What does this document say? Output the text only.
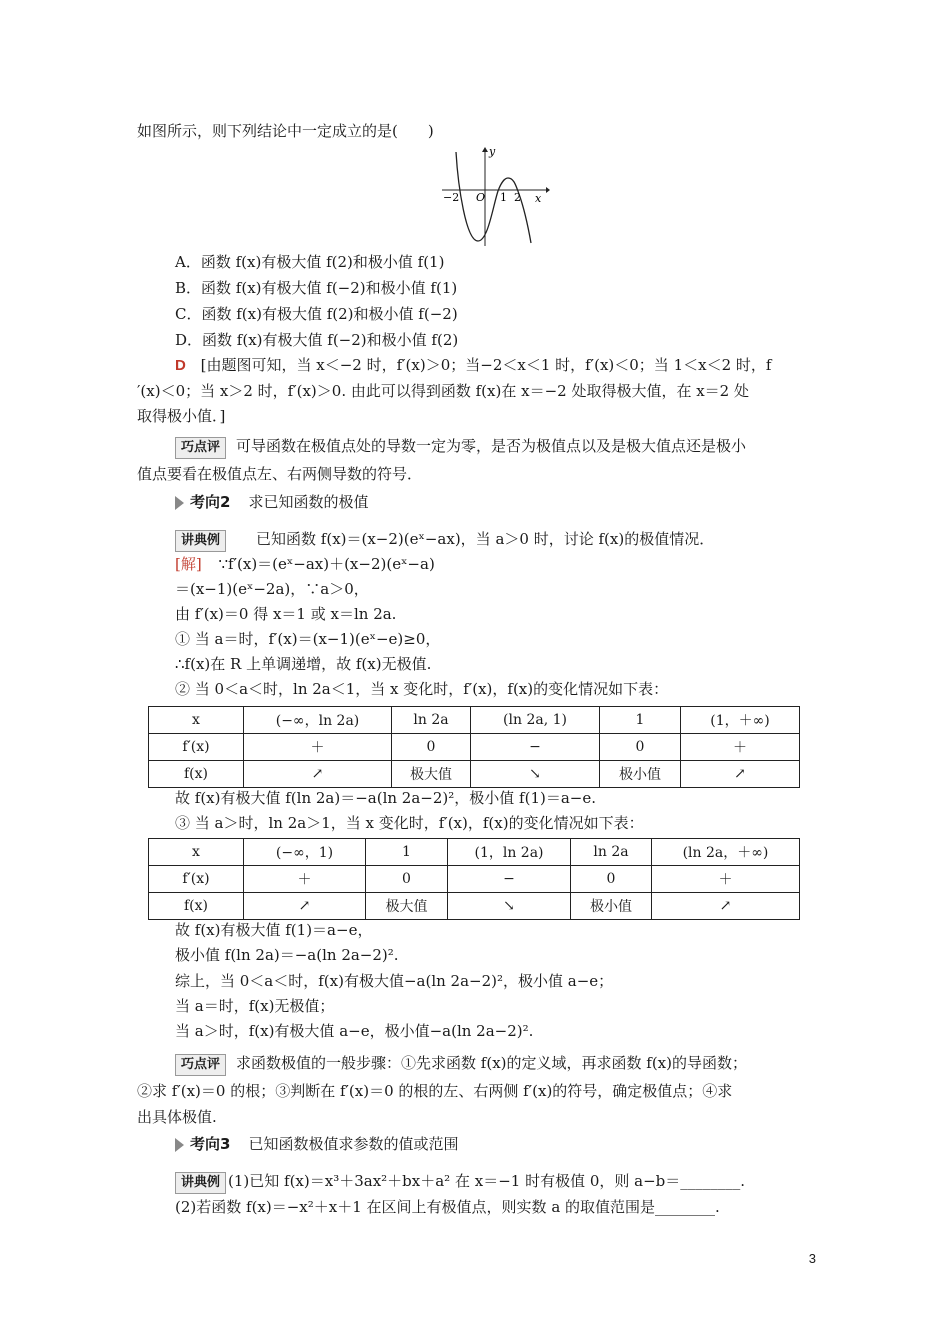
如图所示，则下列结论中一定成立的是(　　)
y
x
−2 O 1 2
A．函数 f(x)有极大值 f(2)和极小值 f(1)
B．函数 f(x)有极大值 f(−2)和极小值 f(1)
C．函数 f(x)有极大值 f(2)和极小值 f(−2)
D．函数 f(x)有极大值 f(−2)和极小值 f(2)
D [由题图可知，当 x＜−2 时，f′(x)＞0；当−2＜x＜1 时，f′(x)＜0；当 1＜x＜2 时，f
′(x)＜0；当 x＞2 时，f′(x)＞0. 由此可以得到函数 f(x)在 x＝−2 处取得极大值，在 x＝2 处
取得极小值．]
巧点评 可导函数在极值点处的导数一定为零，是否为极值点以及是极大值点还是极小
值点要看在极值点左、右两侧导数的符号．
考向2 求已知函数的极值
讲典例 已知函数 f(x)＝(x−2)(eˣ−ax)，当 a＞0 时，讨论 f(x)的极值情况．
[解] ∵f′(x)＝(eˣ−ax)＋(x−2)(eˣ−a)
＝(x−1)(eˣ−2a)，∵a＞0，
由 f′(x)＝0 得 x＝1 或 x＝ln 2a.
① 当 a＝时，f′(x)＝(x−1)(eˣ−e)≥0，
∴f(x)在 R 上单调递增，故 f(x)无极值.
② 当 0＜a＜时，ln 2a＜1，当 x 变化时，f′(x)，f(x)的变化情况如下表：
x	(−∞，ln 2a)	ln 2a	(ln 2a, 1)	1	(1，＋∞)
f′(x)	＋	0	−	0	＋
f(x)	↗	极大值	↘	极小值	↗
故 f(x)有极大值 f(ln 2a)＝−a(ln 2a−2)²，极小值 f(1)＝a−e.
③ 当 a＞时，ln 2a＞1，当 x 变化时，f′(x)，f(x)的变化情况如下表：
x	(−∞，1)	1	(1，ln 2a)	ln 2a	(ln 2a，＋∞)
f′(x)	＋	0	−	0	＋
f(x)	↗	极大值	↘	极小值	↗
故 f(x)有极大值 f(1)＝a−e，
极小值 f(ln 2a)＝−a(ln 2a−2)².
综上，当 0＜a＜时，f(x)有极大值−a(ln 2a−2)²，极小值 a−e；
当 a＝时，f(x)无极值；
当 a＞时，f(x)有极大值 a−e，极小值−a(ln 2a−2)².
巧点评 求函数极值的一般步骤：①先求函数 f(x)的定义域，再求函数 f(x)的导函数；
②求 f′(x)＝0 的根；③判断在 f′(x)＝0 的根的左、右两侧 f′(x)的符号，确定极值点；④求
出具体极值.
考向3 已知函数极值求参数的值或范围
讲典例 (1)已知 f(x)＝x³＋3ax²＋bx＋a² 在 x＝−1 时有极值 0，则 a−b＝________.
(2)若函数 f(x)＝−x²＋x＋1 在区间上有极值点，则实数 a 的取值范围是________.
3
